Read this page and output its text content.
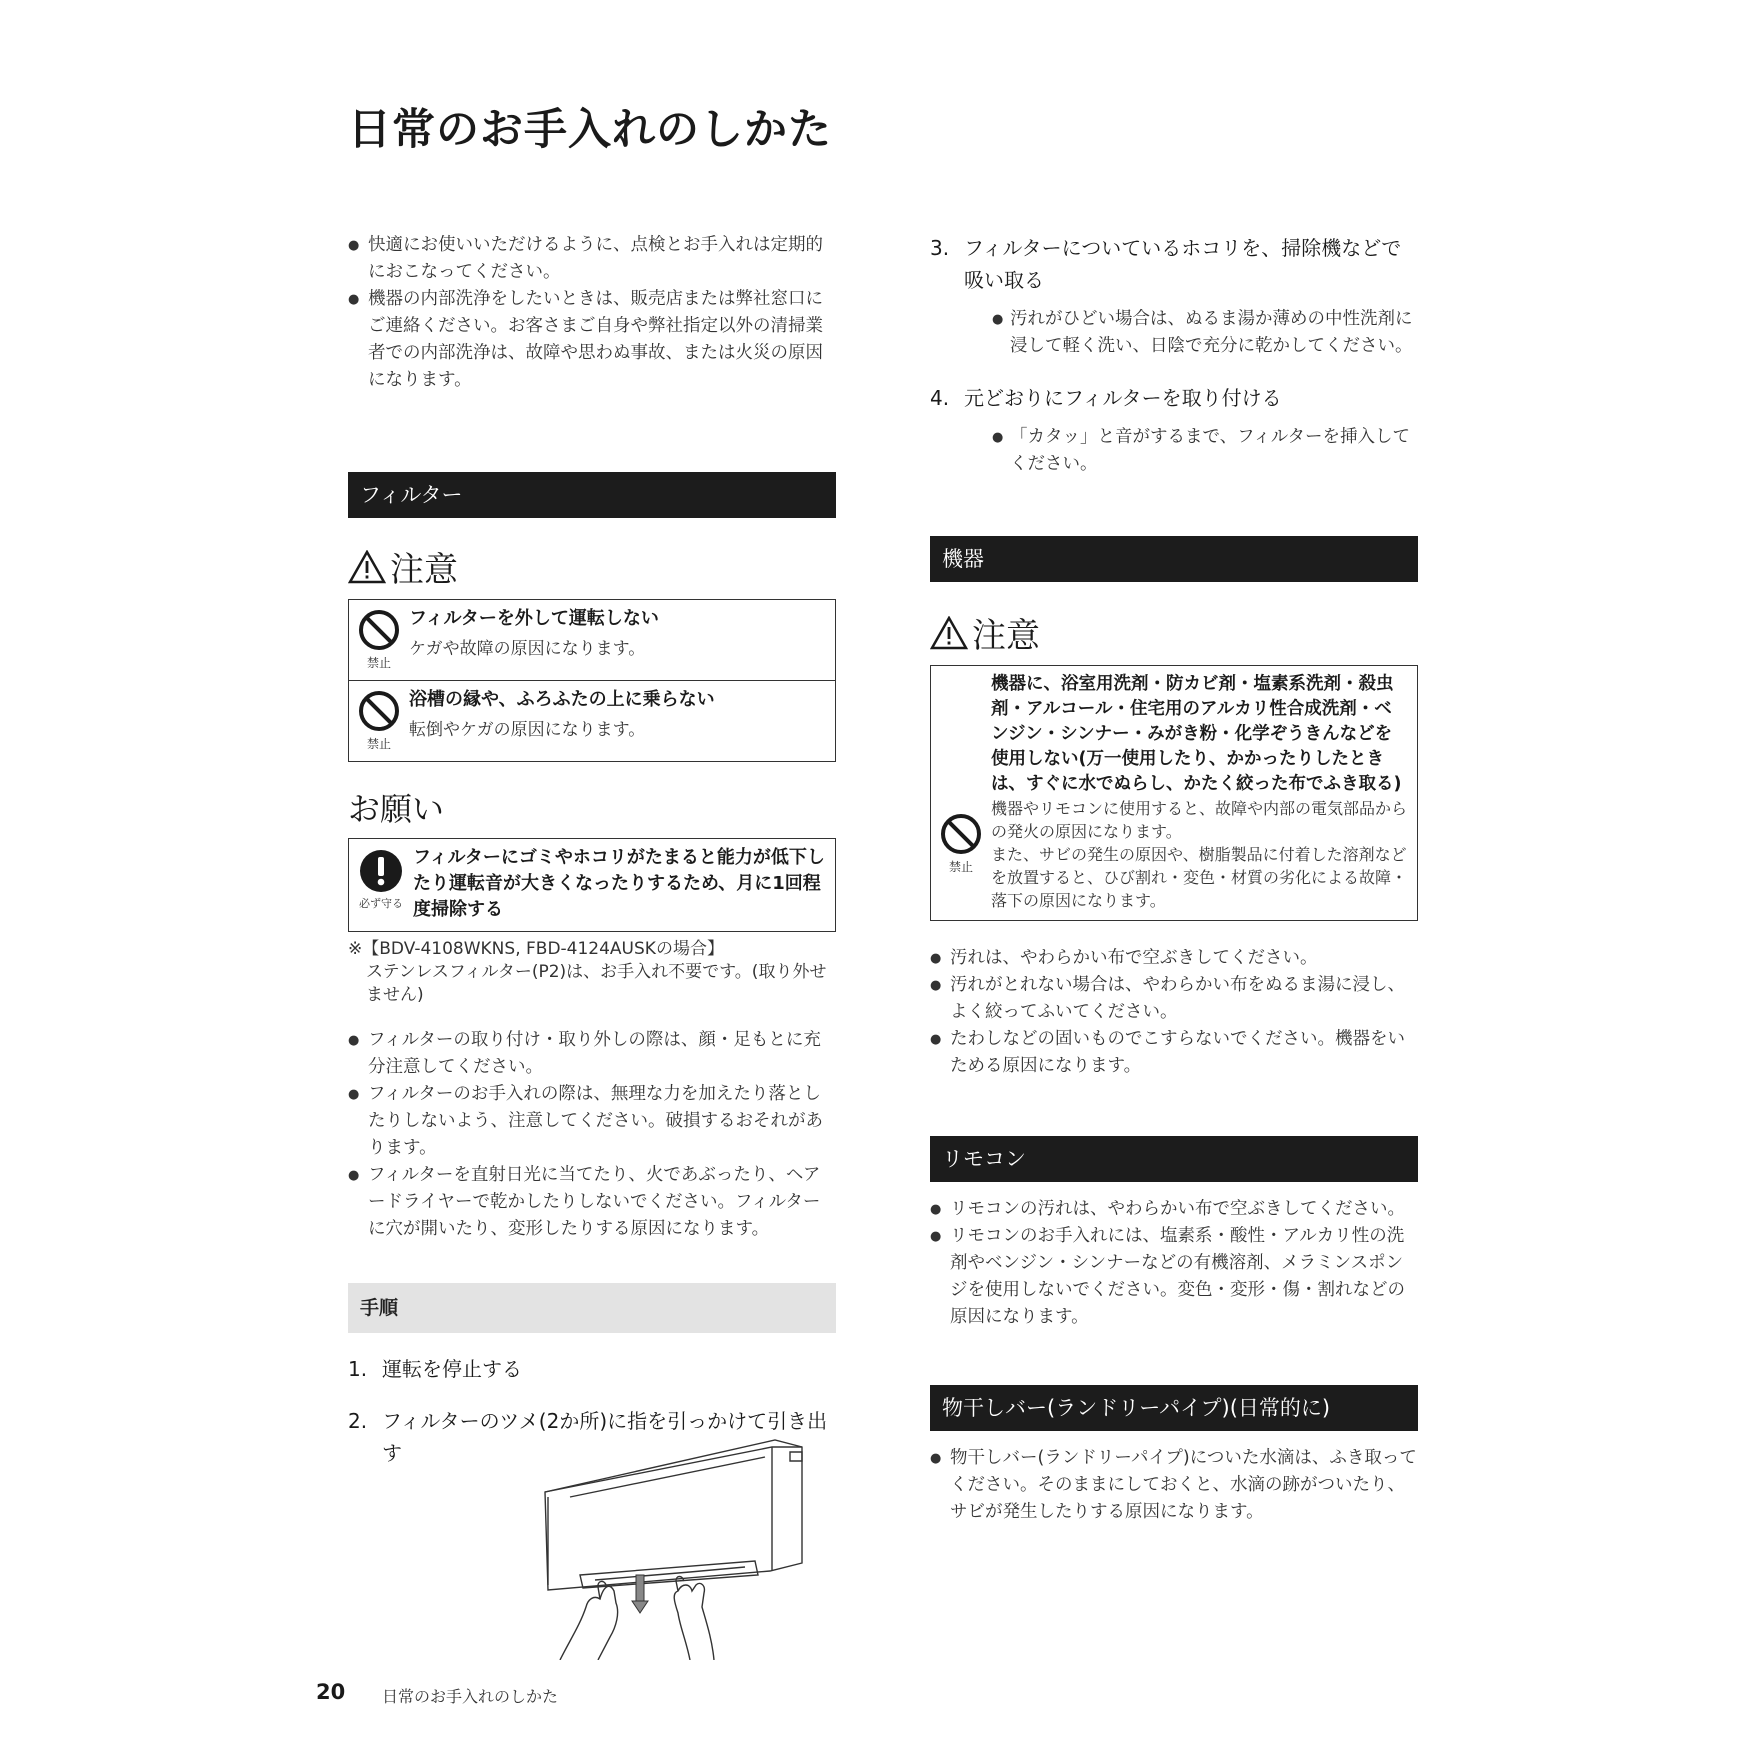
日常のお手入れのしかた
● 快適にお使いいただけるように、点検とお手入れは定期的におこなってください。
● 機器の内部洗浄をしたいときは、販売店または弊社窓口にご連絡ください。お客さまご自身や弊社指定以外の清掃業者での内部洗浄は、故障や思わぬ事故、または火災の原因になります。
フィルター
注意
禁止
フィルターを外して運転しない
ケガや故障の原因になります。
禁止
浴槽の縁や、ふろふたの上に乗らない
転倒やケガの原因になります。
お願い
必ず守る
フィルターにゴミやホコリがたまると能力が低下したり運転音が大きくなったりするため、月に1回程度掃除する
※【BDV-4108WKNS, FBD-4124AUSKの場合】
ステンレスフィルター(P2)は、お手入れ不要です。(取り外せません)
● フィルターの取り付け・取り外しの際は、顔・足もとに充分注意してください。
● フィルターのお手入れの際は、無理な力を加えたり落としたりしないよう、注意してください。破損するおそれがあります。
● フィルターを直射日光に当てたり、火であぶったり、ヘアードライヤーで乾かしたりしないでください。フィルターに穴が開いたり、変形したりする原因になります。
手順
1. 運転を停止する
2. フィルターのツメ(2か所)に指を引っかけて引き出す
3. フィルターについているホコリを、掃除機などで吸い取る
● 汚れがひどい場合は、ぬるま湯か薄めの中性洗剤に浸して軽く洗い、日陰で充分に乾かしてください。
4. 元どおりにフィルターを取り付ける
● 「カタッ」と音がするまで、フィルターを挿入してください。
機器
注意
禁止
機器に、浴室用洗剤・防カビ剤・塩素系洗剤・殺虫剤・アルコール・住宅用のアルカリ性合成洗剤・ベンジン・シンナー・みがき粉・化学ぞうきんなどを使用しない(万一使用したり、かかったりしたときは、すぐに水でぬらし、かたく絞った布でふき取る)
機器やリモコンに使用すると、故障や内部の電気部品からの発火の原因になります。
また、サビの発生の原因や、樹脂製品に付着した溶剤などを放置すると、ひび割れ・変色・材質の劣化による故障・落下の原因になります。
● 汚れは、やわらかい布で空ぶきしてください。
● 汚れがとれない場合は、やわらかい布をぬるま湯に浸し、よく絞ってふいてください。
● たわしなどの固いものでこすらないでください。機器をいためる原因になります。
リモコン
● リモコンの汚れは、やわらかい布で空ぶきしてください。
● リモコンのお手入れには、塩素系・酸性・アルカリ性の洗剤やベンジン・シンナーなどの有機溶剤、メラミンスポンジを使用しないでください。変色・変形・傷・割れなどの原因になります。
物干しバー(ランドリーパイプ)(日常的に)
● 物干しバー(ランドリーパイプ)についた水滴は、ふき取ってください。そのままにしておくと、水滴の跡がついたり、サビが発生したりする原因になります。
20 日常のお手入れのしかた
